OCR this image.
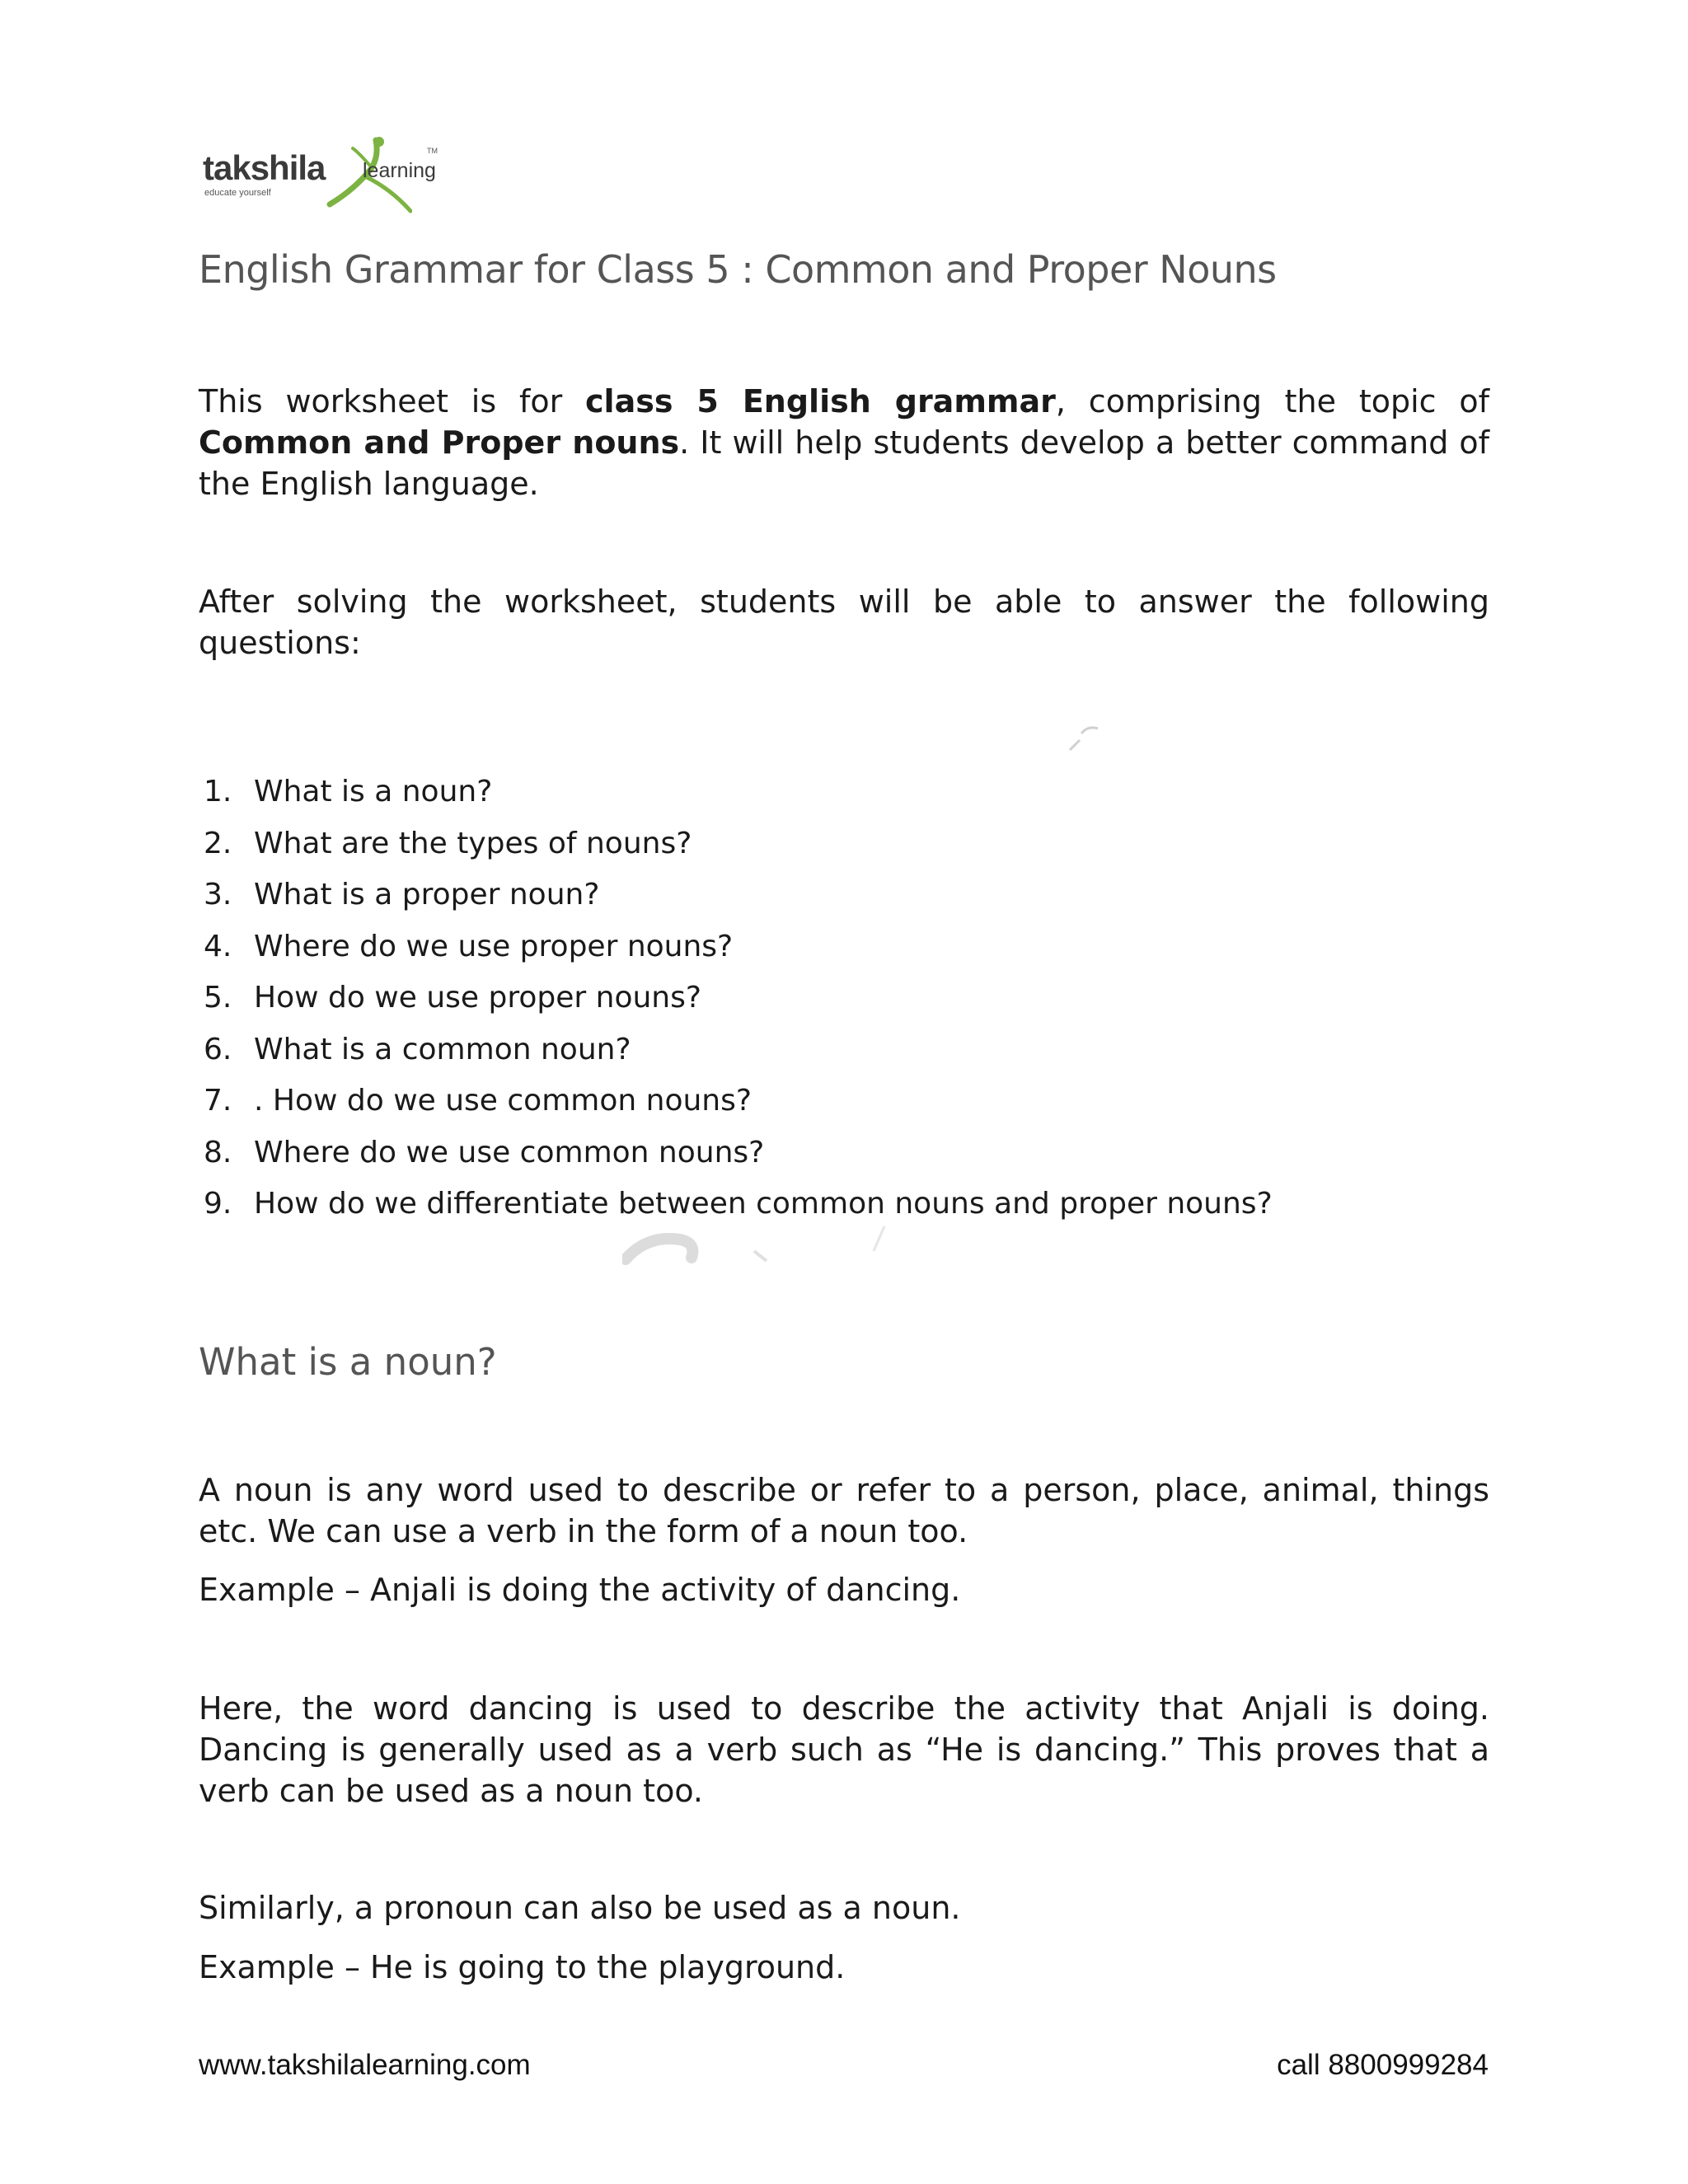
takshila learning
educate yourself
TM
English Grammar for Class 5 : Common and Proper Nouns

This worksheet is for class 5 English grammar, comprising the topic of Common and Proper nouns. It will help students develop a better command of the English language.

After solving the worksheet, students will be able to answer the following questions:

1. What is a noun?
2. What are the types of nouns?
3. What is a proper noun?
4. Where do we use proper nouns?
5. How do we use proper nouns?
6. What is a common noun?
7. . How do we use common nouns?
8. Where do we use common nouns?
9. How do we differentiate between common nouns and proper nouns?
What is a noun?

A noun is any word used to describe or refer to a person, place, animal, things etc. We can use a verb in the form of a noun too.

Example – Anjali is doing the activity of dancing.

Here, the word dancing is used to describe the activity that Anjali is doing. Dancing is generally used as a verb such as “He is dancing.” This proves that a verb can be used as a noun too.

Similarly, a pronoun can also be used as a noun.

Example – He is going to the playground.

www.takshilalearning.com	call 8800999284
